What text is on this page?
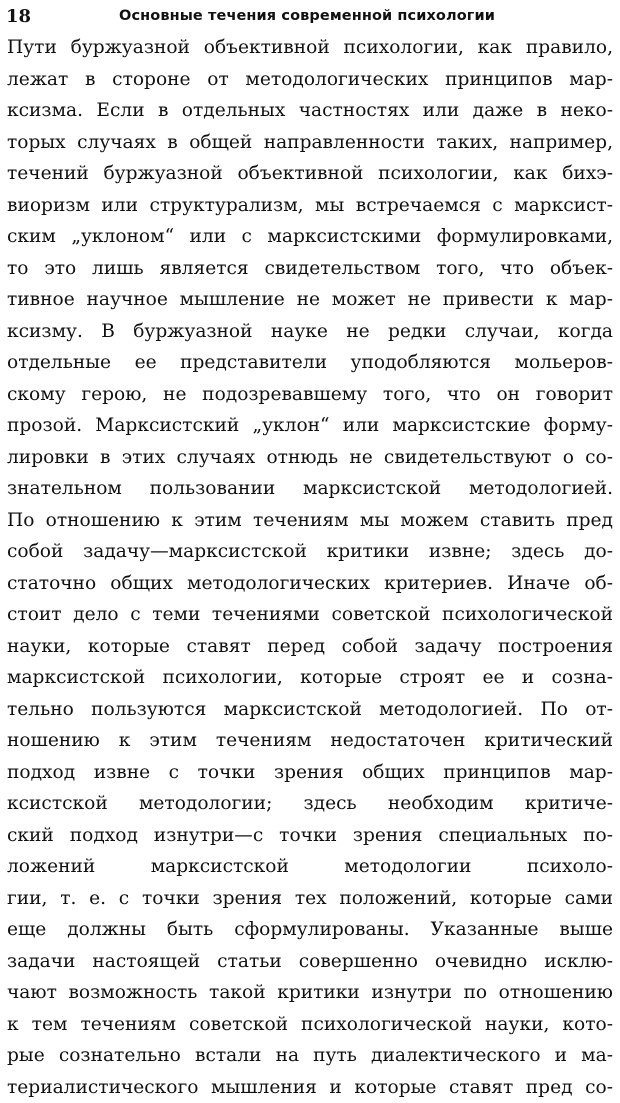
18	Основные течения современной психологии
Пути буржуазной объективной психологии, как правило,
лежат в стороне от методологических принципов мар-
ксизма. Если в отдельных частностях или даже в неко-
торых случаях в общей направленности таких, например,
течений буржуазной объективной психологии, как бихэ-
виоризм или структурализм, мы встречаемся с марксист-
ским „уклоном“ или с марксистскими формулировками,
то это лишь является свидетельством того, что объек-
тивное научное мышление не может не привести к мар-
ксизму. В буржуазной науке не редки случаи, когда
отдельные ее представители уподобляются мольеров-
скому герою, не подозревавшему того, что он говорит
прозой. Марксистский „уклон“ или марксистские форму-
лировки в этих случаях отнюдь не свидетельствуют о со-
знательном пользовании марксистской методологией.
По отношению к этим течениям мы можем ставить пред
собой задачу—марксистской критики извне; здесь до-
статочно общих методологических критериев. Иначе об-
стоит дело с теми течениями советской психологической
науки, которые ставят перед собой задачу построения
марксистской психологии, которые строят ее и созна-
тельно пользуются марксистской методологией. По от-
ношению к этим течениям недостаточен критический
подход извне с точки зрения общих принципов мар-
ксистской методологии; здесь необходим критиче-
ский подход изнутри—с точки зрения специальных по-
ложений марксистской методологии психоло-
гии, т. е. с точки зрения тех положений, которые сами
еще должны быть сформулированы. Указанные выше
задачи настоящей статьи совершенно очевидно исклю-
чают возможность такой критики изнутри по отношению
к тем течениям советской психологической науки, кото-
рые сознательно встали на путь диалектического и ма-
териалистического мышления и которые ставят пред со-
